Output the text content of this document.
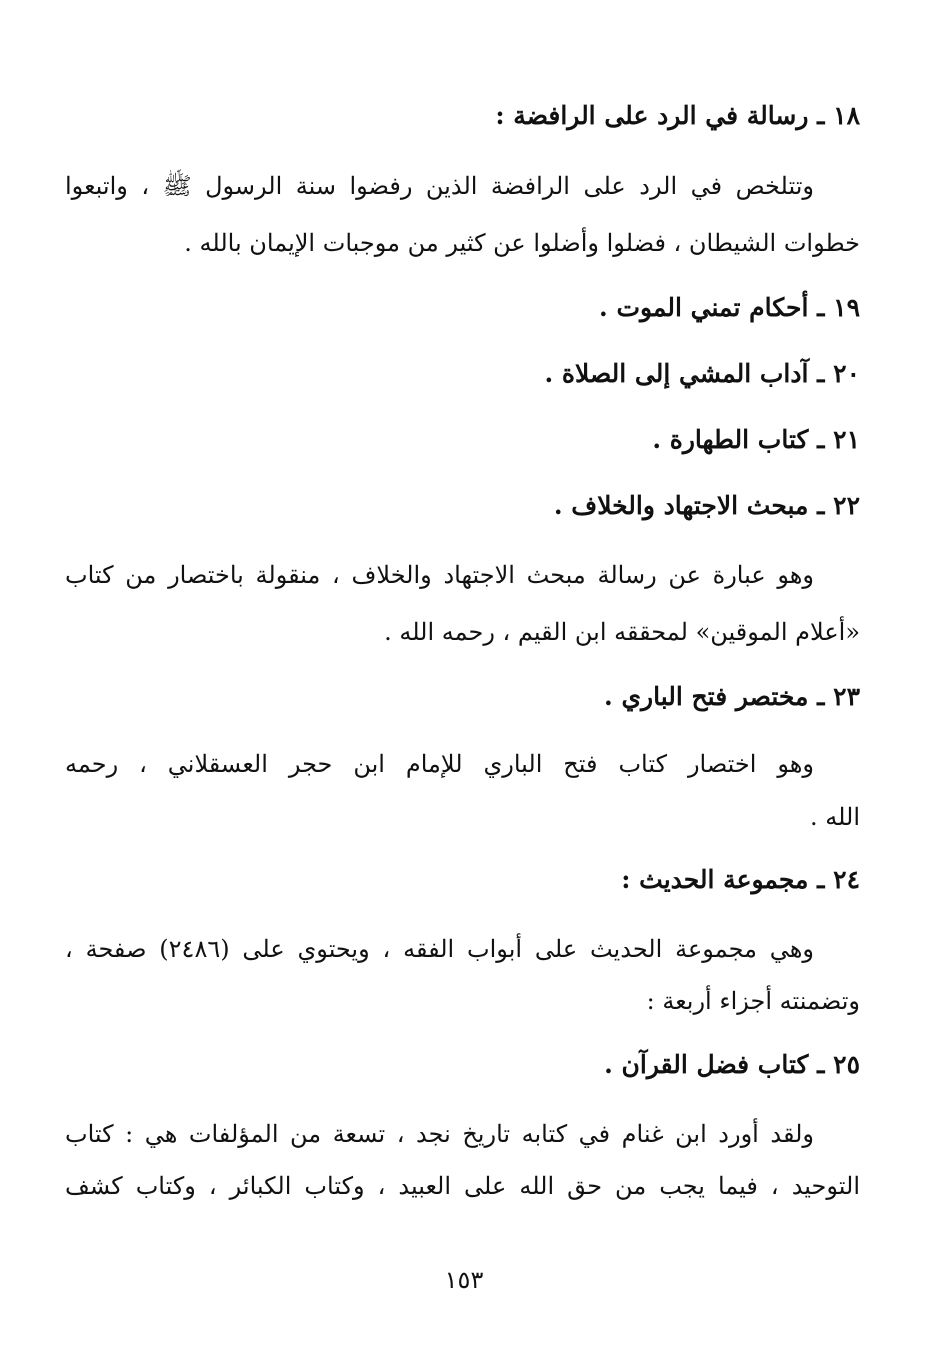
١٨ ـ رسالة في الرد على الرافضة :
وتتلخص في الرد على الرافضة الذين رفضوا سنة الرسول ﷺ ، واتبعوا
خطوات الشيطان ، فضلوا وأضلوا عن كثير من موجبات الإيمان بالله .
١٩ ـ أحكام تمني الموت .
٢٠ ـ آداب المشي إلى الصلاة .
٢١ ـ كتاب الطهارة .
٢٢ ـ مبحث الاجتهاد والخلاف .
وهو عبارة عن رسالة مبحث الاجتهاد والخلاف ، منقولة باختصار من كتاب
«أعلام الموقين» لمحققه ابن القيم ، رحمه الله .
٢٣ ـ مختصر فتح الباري .
وهو اختصار كتاب فتح الباري للإمام ابن حجر العسقلاني ، رحمه
الله .
٢٤ ـ مجموعة الحديث :
وهي مجموعة الحديث على أبواب الفقه ، ويحتوي على (٢٤٨٦) صفحة ،
وتضمنته أجزاء أربعة :
٢٥ ـ كتاب فضل القرآن .
ولقد أورد ابن غنام في كتابه تاريخ نجد ، تسعة من المؤلفات هي : كتاب
التوحيد ، فيما يجب من حق الله على العبيد ، وكتاب الكبائر ، وكتاب كشف
١٥٣
